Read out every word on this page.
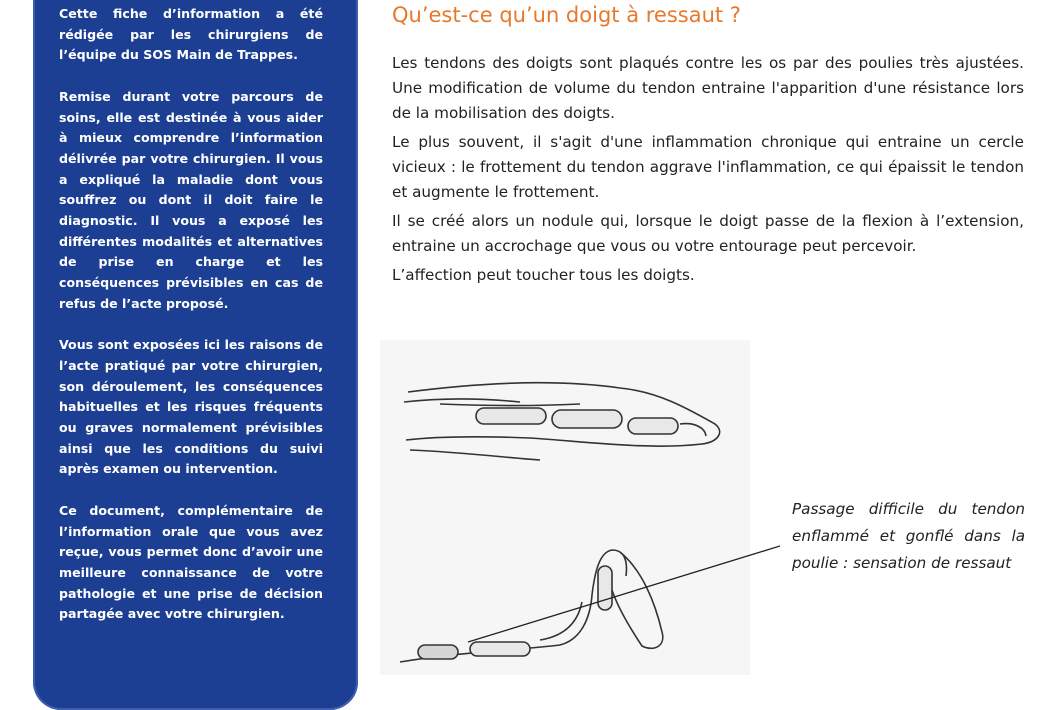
Cette fiche d’information a été rédigée par les chirurgiens de l’équipe du SOS Main de Trappes.

Remise durant votre parcours de soins, elle est destinée à vous aider à mieux comprendre l’information délivrée par votre chirurgien. Il vous a expliqué la maladie dont vous souffrez ou dont il doit faire le diagnostic. Il vous a exposé les différentes modalités et alternatives de prise en charge et les conséquences prévisibles en cas de refus de l’acte proposé.

Vous sont exposées ici les raisons de l’acte pratiqué par votre chirurgien, son déroulement, les conséquences habituelles et les risques fréquents ou graves normalement prévisibles ainsi que les conditions du suivi après examen ou intervention.

Ce document, complémentaire de l’information orale que vous avez reçue, vous permet donc d’avoir une meilleure connaissance de votre pathologie et une prise de décision partagée avec votre chirurgien.

Qu’est-ce qu’un doigt à ressaut ?

Les tendons des doigts sont plaqués contre les os par des poulies très ajustées. Une modification de volume du tendon entraine l'apparition d'une résistance lors de la mobilisation des doigts.

Le plus souvent, il s'agit d'une inflammation chronique qui entraine un cercle vicieux : le frottement du tendon aggrave l'inflammation, ce qui épaissit le tendon et augmente le frottement.

Il se créé alors un nodule qui, lorsque le doigt passe de la flexion à l’extension, entraine un accrochage que vous ou votre entourage peut percevoir.

L’affection peut toucher tous les doigts.

Passage difficile du tendon enflammé et gonflé dans la poulie : sensation de ressaut
